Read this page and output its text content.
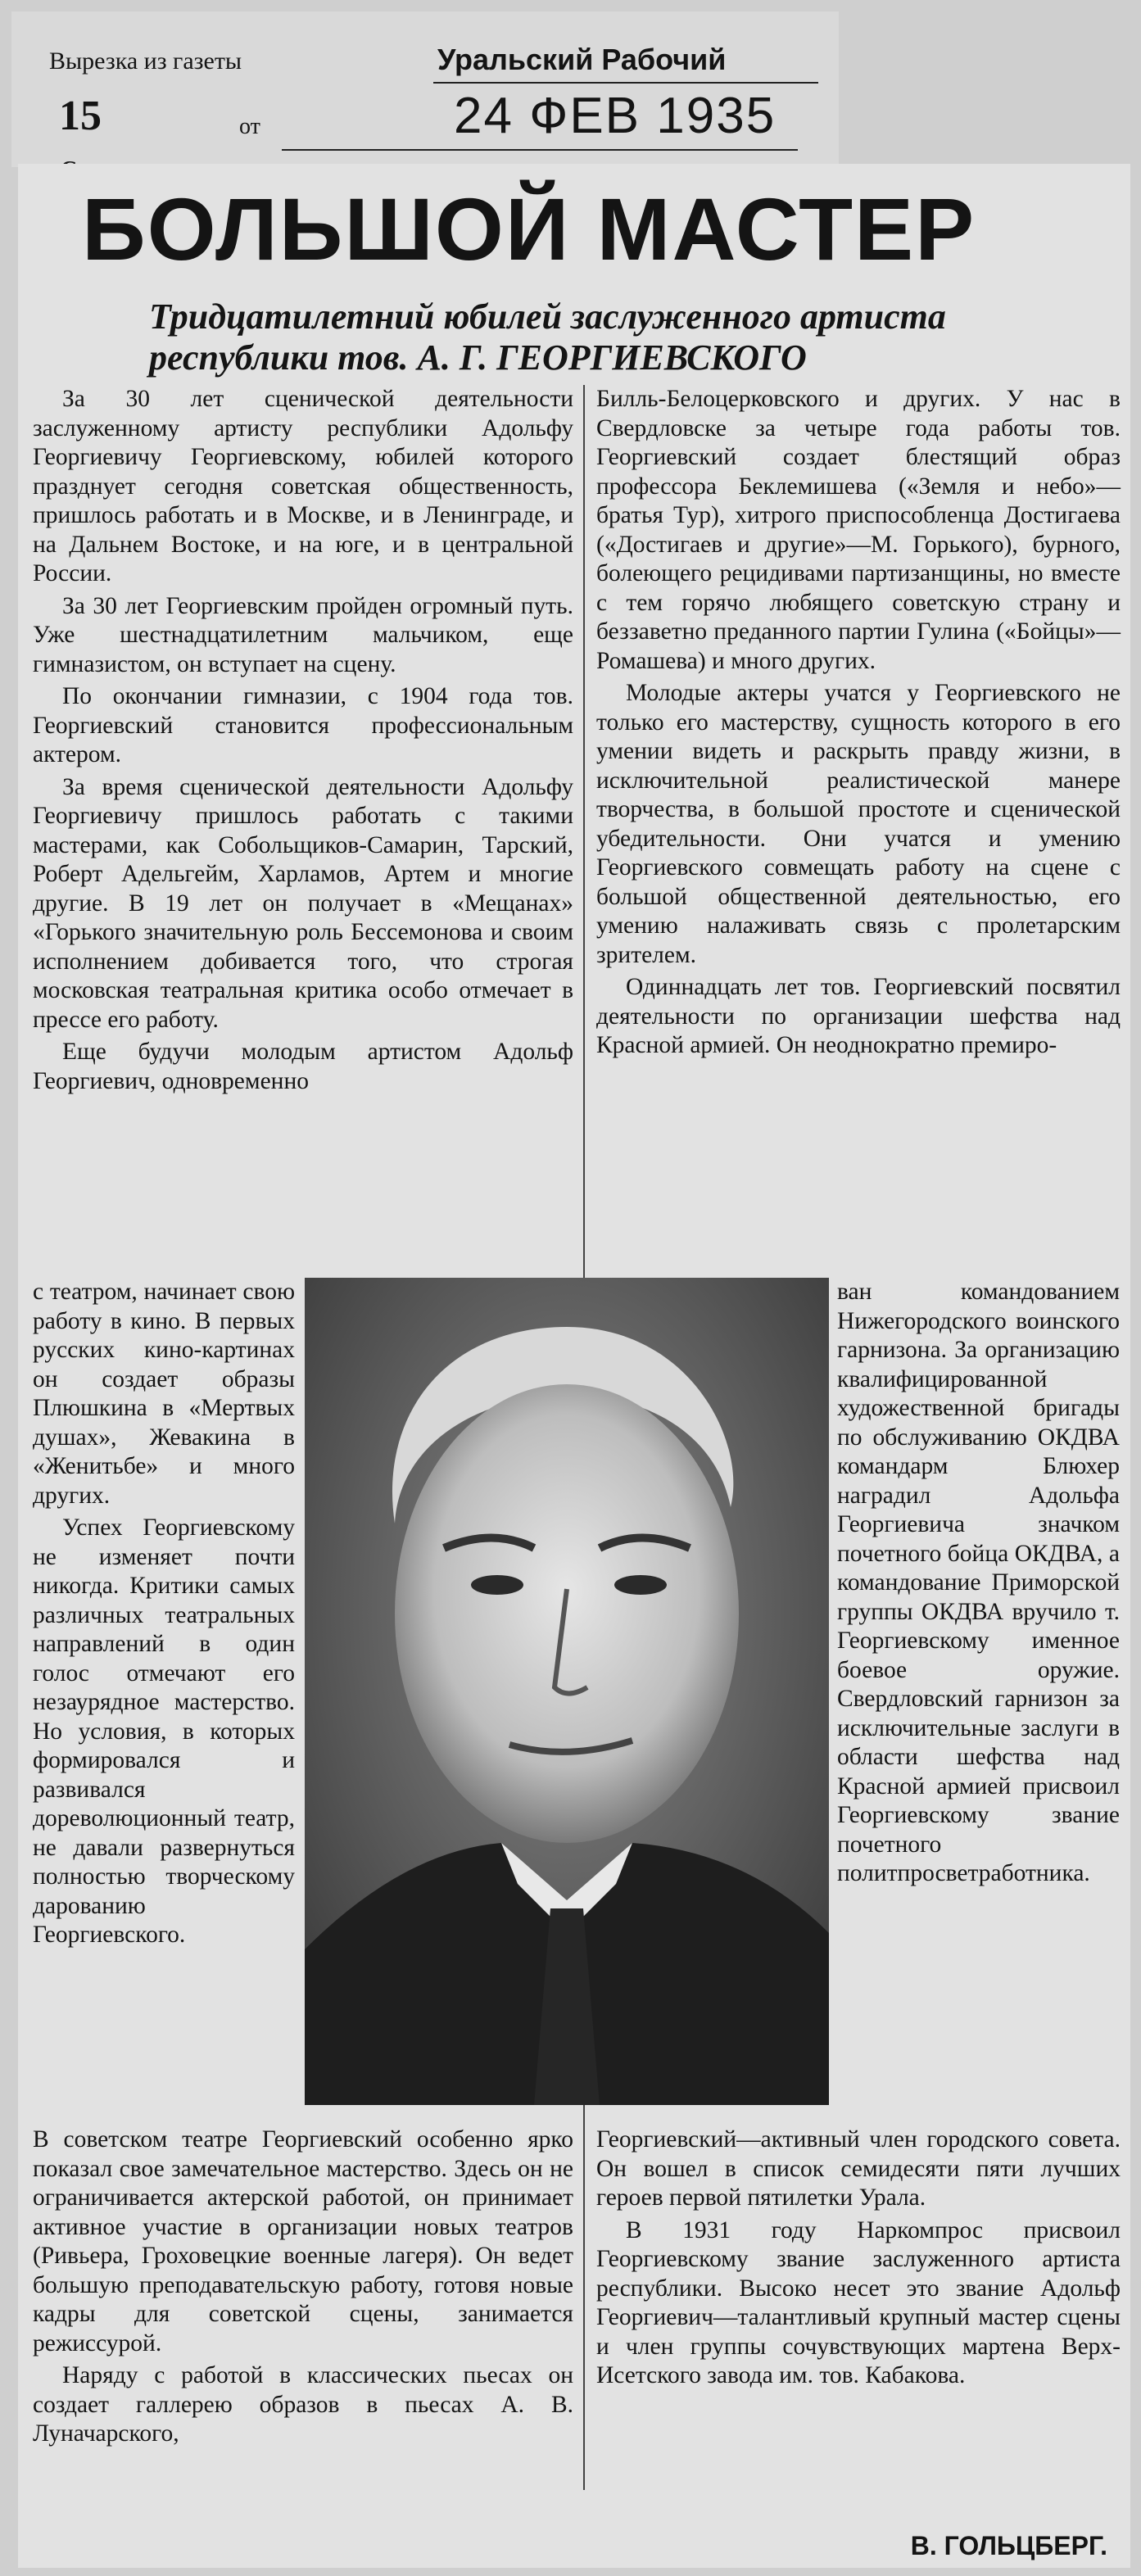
Вырезка из газеты	Уральский Рабочий
15	от	24 ФЕВ 1935
БОЛЬШОЙ МАСТЕР
Тридцатилетний юбилей заслуженного артиста республики тов. А. Г. ГЕОРГИЕВСКОГО

За 30 лет сценической деятельности заслуженному артисту республики Адольфу Георгиевичу Георгиевскому, юбилей которого празднует сегодня советская общественность, пришлось работать и в Москве, и в Ленинграде, и на Дальнем Востоке, и на юге, и в центральной России.

За 30 лет Георгиевским пройден огромный путь. Уже шестнадцатилетним мальчиком, еще гимназистом, он вступает на сцену.

По окончании гимназии, с 1904 года тов. Георгиевский становится профессиональным актером.

За время сценической деятельности Адольфу Георгиевичу пришлось работать с такими мастерами, как Собольщиков-Самарин, Тарский, Роберт Адельгейм, Харламов, Артем и многие другие. В 19 лет он получает в «Мещанах» «Горького значительную роль Бессемонова и своим исполнением добивается того, что строгая московская театральная критика особо отмечает в прессе его работу.

Еще будучи молодым артистом Адольф Георгиевич, одновременно

Билль-Белоцерковского и других. У нас в Свердловске за четыре года работы тов. Георгиевский создает блестящий образ профессора Беклемишева («Земля и небо»—братья Тур), хитрого приспособленца Достигаева («Достигаев и другие»—М. Горького), бурного, болеющего рецидивами партизанщины, но вместе с тем горячо любящего советскую страну и беззаветно преданного партии Гулина («Бойцы»—Ромашева) и много других.

Молодые актеры учатся у Георгиевского не только его мастерству, сущность которого в его умении видеть и раскрыть правду жизни, в исключительной реалистической манере творчества, в большой простоте и сценической убедительности. Они учатся и умению Георгиевского совмещать работу на сцене с большой общественной деятельностью, его умению налаживать связь с пролетарским зрителем.

Одиннадцать лет тов. Георгиевский посвятил деятельности по организации шефства над Красной армией. Он неоднократно премиро-

с театром, начинает свою работу в кино. В первых русских кино-картинах он создает образы Плюшкина в «Мертвых душах», Жевакина в «Женитьбе» и много других.

Успех Георгиевскому не изменяет почти никогда. Критики самых различных театральных направлений в один голос отмечают его незаурядное мастерство. Но условия, в которых формировался и развивался дореволюционный театр, не давали развернуться полностью творческому дарованию Георгиевского.

ван командованием Нижегородского воинского гарнизона. За организацию квалифицированной художественной бригады по обслуживанию ОКДВА командарм Блюхер наградил Адольфа Георгиевича значком почетного бойца ОКДВА, а командование Приморской группы ОКДВА вручило т. Георгиевскому именное боевое оружие. Свердловский гарнизон за исключительные заслуги в области шефства над Красной армией присвоил Георгиевскому звание почетного политпросветработника.

В советском театре Георгиевский особенно ярко показал свое замечательное мастерство. Здесь он не ограничивается актерской работой, он принимает активное участие в организации новых театров (Ривьера, Гроховецкие военные лагеря). Он ведет большую преподавательскую работу, готовя новые кадры для советской сцены, занимается режиссурой.

Наряду с работой в классических пьесах он создает галлерею образов в пьесах А. В. Луначарского,

Георгиевский—активный член городского совета. Он вошел в список семидесяти пяти лучших героев первой пятилетки Урала.

В 1931 году Наркомпрос присвоил Георгиевскому звание заслуженного артиста республики. Высоко несет это звание Адольф Георгиевич—талантливый крупный мастер сцены и член группы сочувствующих мартена Верх-Исетского завода им. тов. Кабакова.

В. ГОЛЬЦБЕРГ.
